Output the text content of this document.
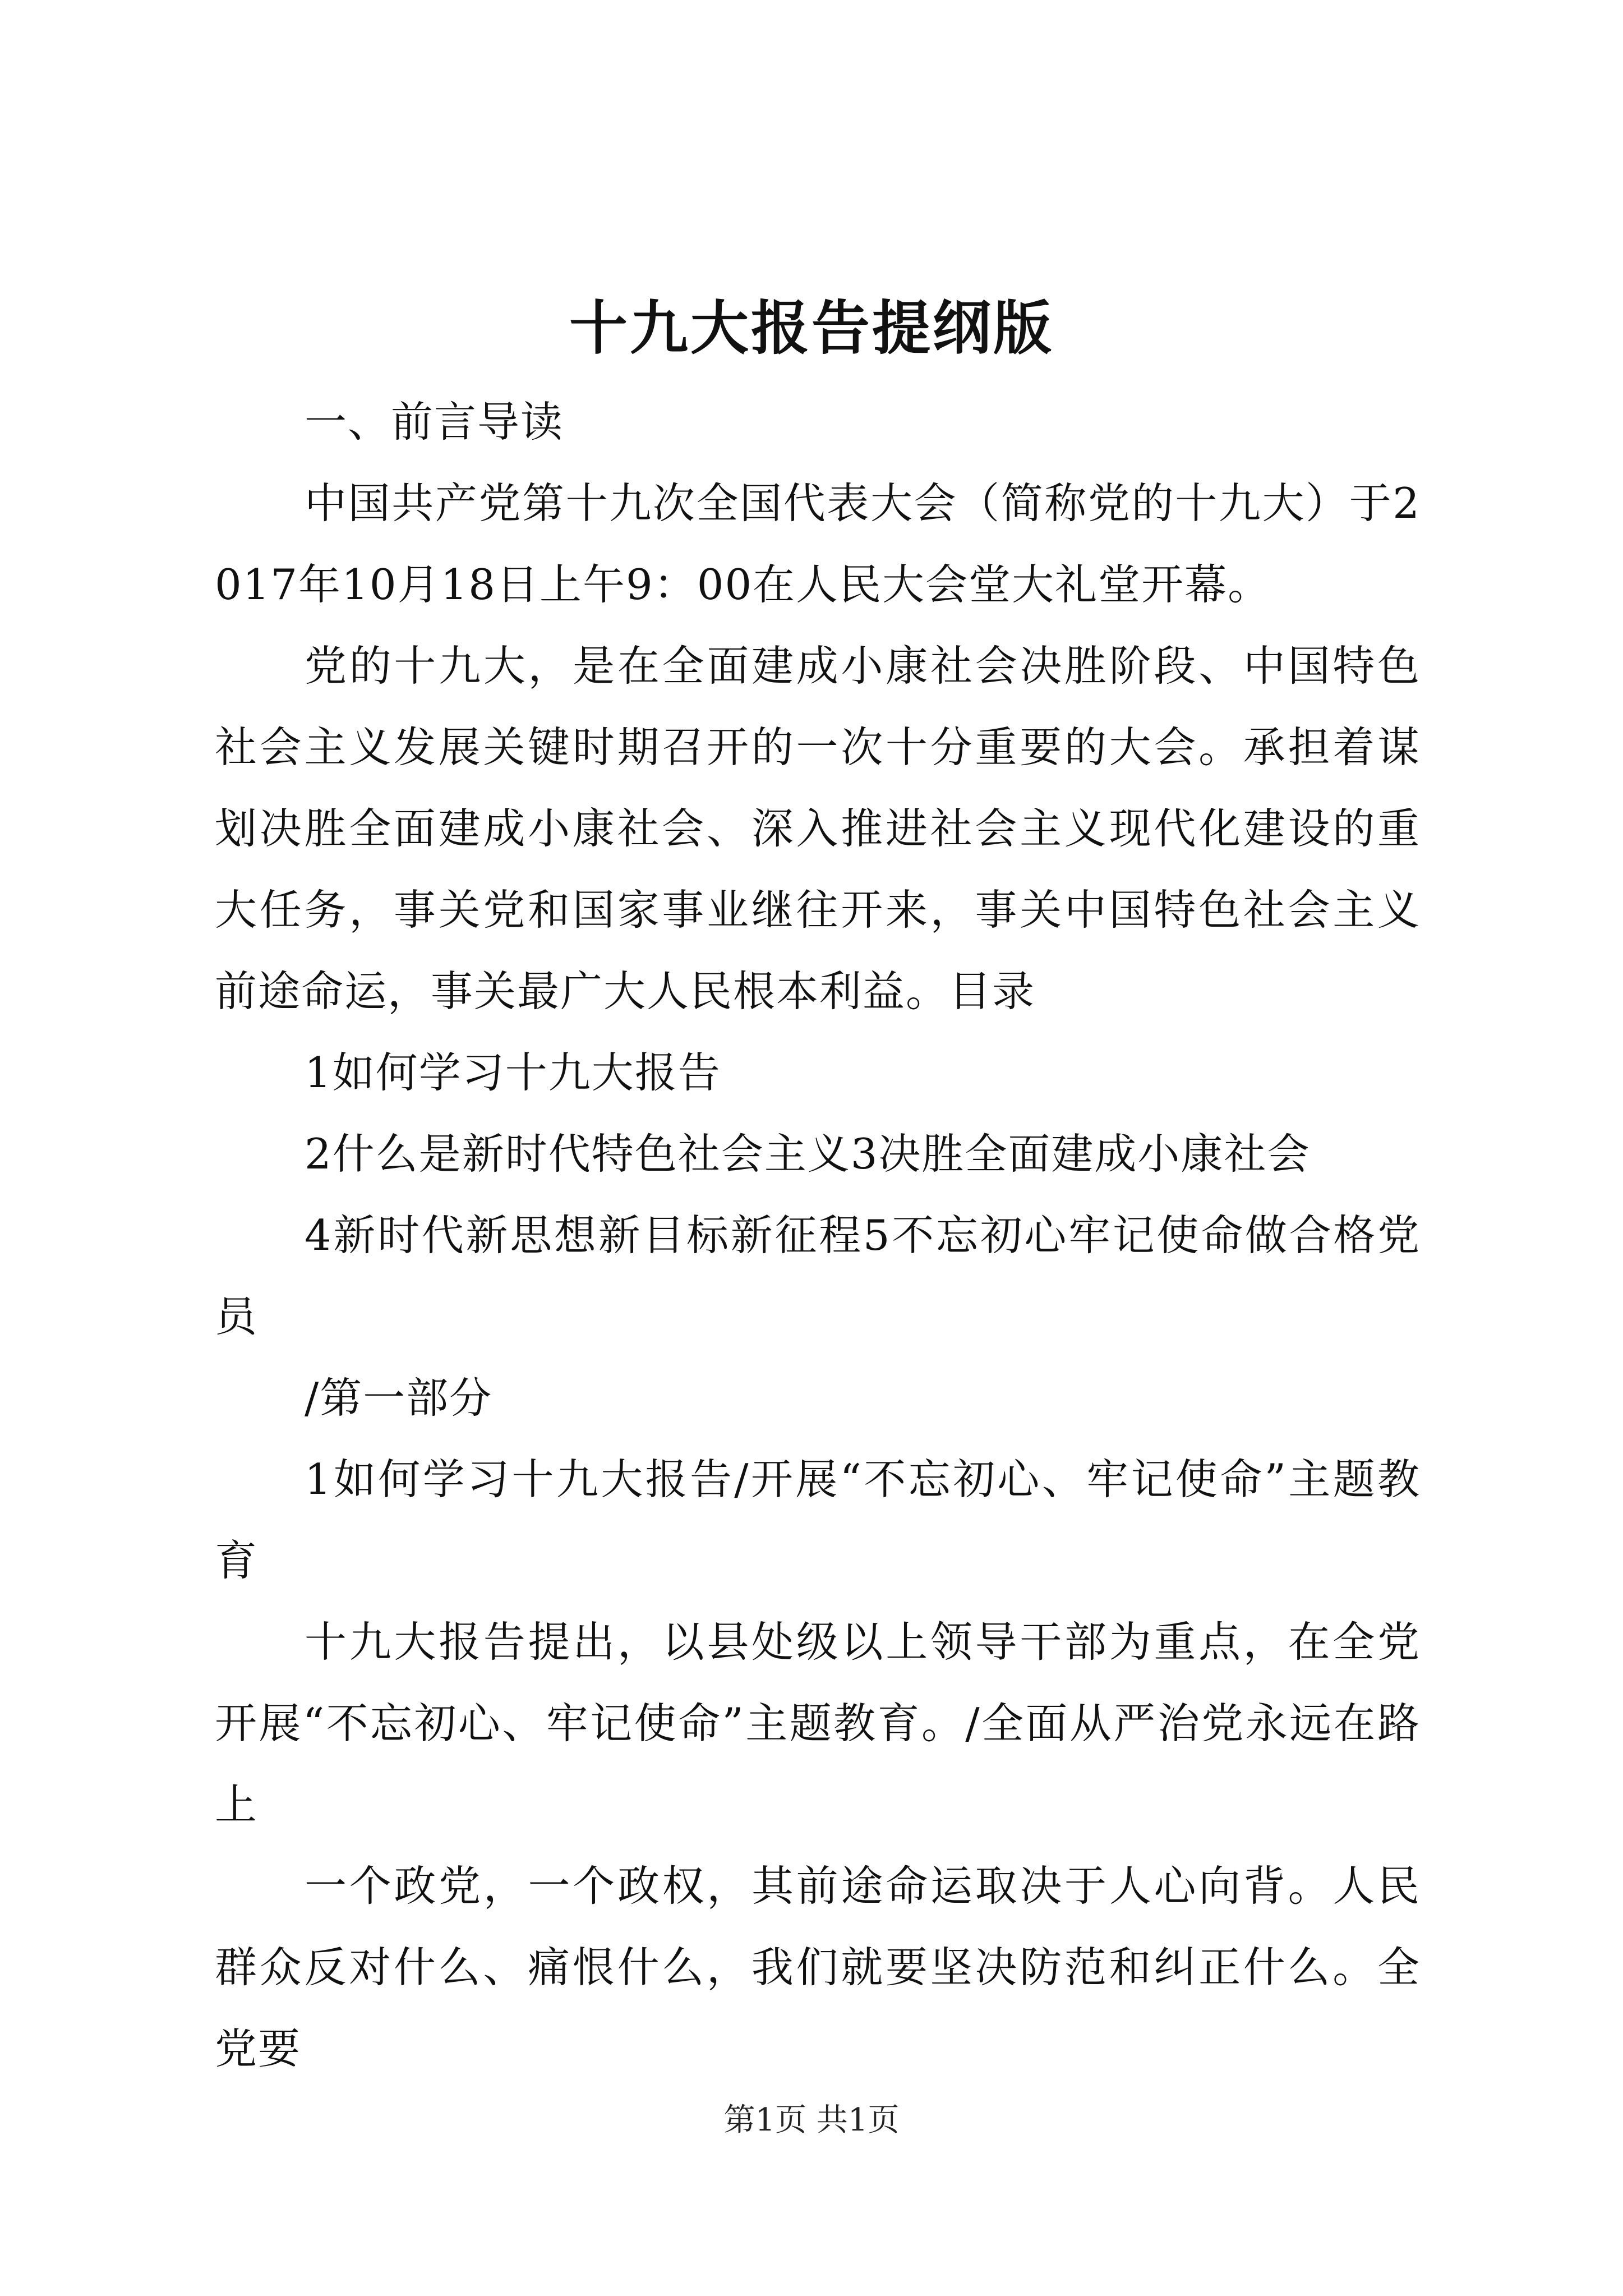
十九大报告提纲版

一、前言导读

中国共产党第十九次全国代表大会（简称党的十九大）于2017年10月18日上午9：00在人民大会堂大礼堂开幕。

党的十九大，是在全面建成小康社会决胜阶段、中国特色社会主义发展关键时期召开的一次十分重要的大会。承担着谋划决胜全面建成小康社会、深入推进社会主义现代化建设的重大任务，事关党和国家事业继往开来，事关中国特色社会主义前途命运，事关最广大人民根本利益。目录

1如何学习十九大报告

2什么是新时代特色社会主义3决胜全面建成小康社会

4新时代新思想新目标新征程5不忘初心牢记使命做合格党员

/第一部分

1如何学习十九大报告/开展“不忘初心、牢记使命”主题教育

十九大报告提出，以县处级以上领导干部为重点，在全党开展“不忘初心、牢记使命”主题教育。/全面从严治党永远在路上

一个政党，一个政权，其前途命运取决于人心向背。人民群众反对什么、痛恨什么，我们就要坚决防范和纠正什么。全党要

第1页 共1页
